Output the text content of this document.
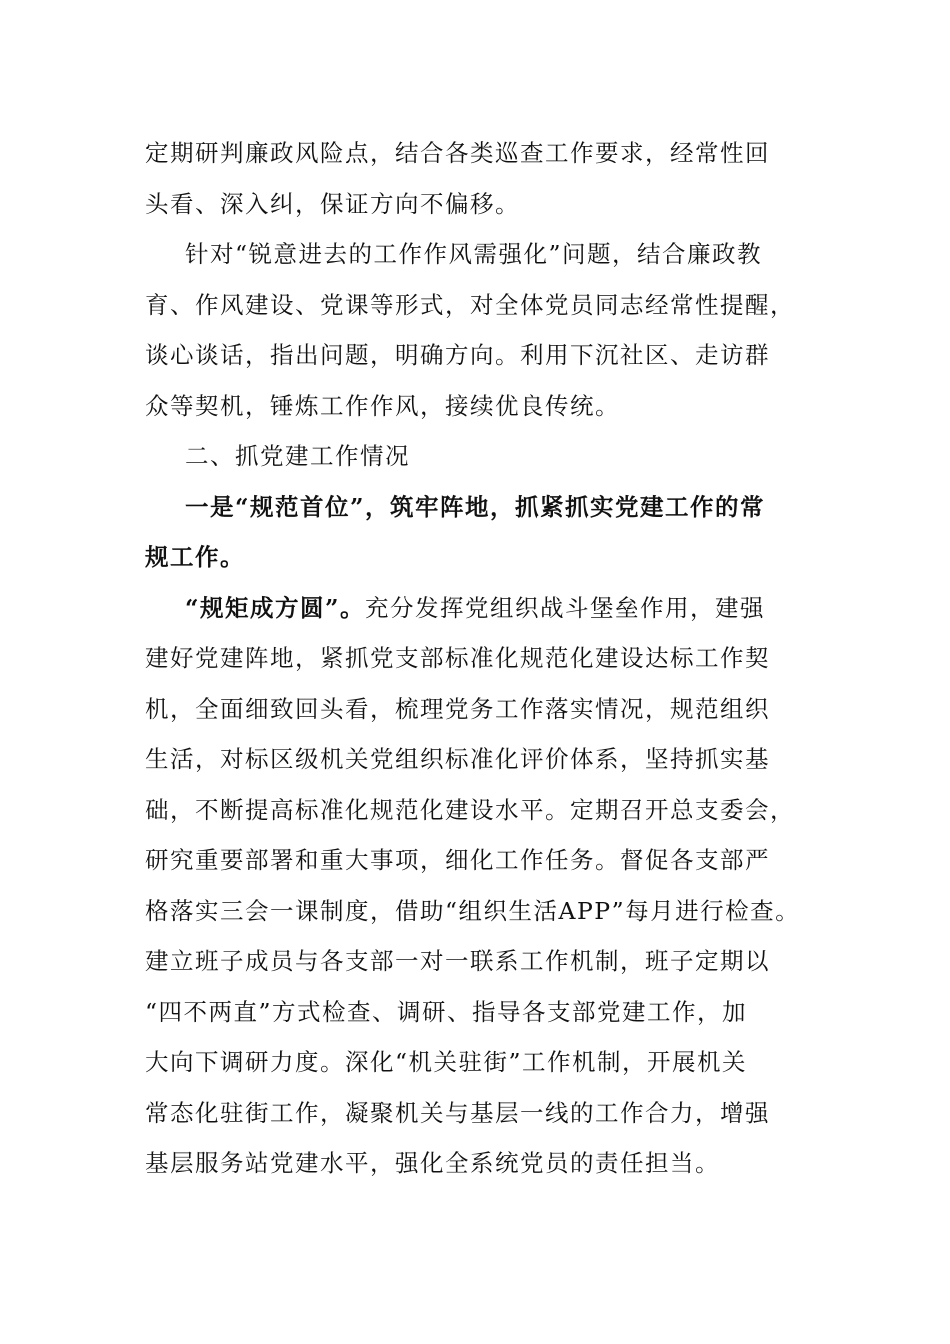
定期研判廉政风险点，结合各类巡查工作要求，经常性回
头看、深入纠，保证方向不偏移。
针对“锐意进去的工作作风需强化”问题，结合廉政教
育、作风建设、党课等形式，对全体党员同志经常性提醒，
谈心谈话，指出问题，明确方向。利用下沉社区、走访群
众等契机，锤炼工作作风，接续优良传统。
二、抓党建工作情况
一是“规范首位”，筑牢阵地，抓紧抓实党建工作的常
规工作。
“规矩成方圆”。充分发挥党组织战斗堡垒作用，建强
建好党建阵地，紧抓党支部标准化规范化建设达标工作契
机，全面细致回头看，梳理党务工作落实情况，规范组织
生活，对标区级机关党组织标准化评价体系，坚持抓实基
础，不断提高标准化规范化建设水平。定期召开总支委会，
研究重要部署和重大事项，细化工作任务。督促各支部严
格落实三会一课制度，借助“组织生活APP”每月进行检查。
建立班子成员与各支部一对一联系工作机制，班子定期以
“四不两直”方式检查、调研、指导各支部党建工作，加
大向下调研力度。深化“机关驻街”工作机制，开展机关
常态化驻街工作，凝聚机关与基层一线的工作合力，增强
基层服务站党建水平，强化全系统党员的责任担当。
